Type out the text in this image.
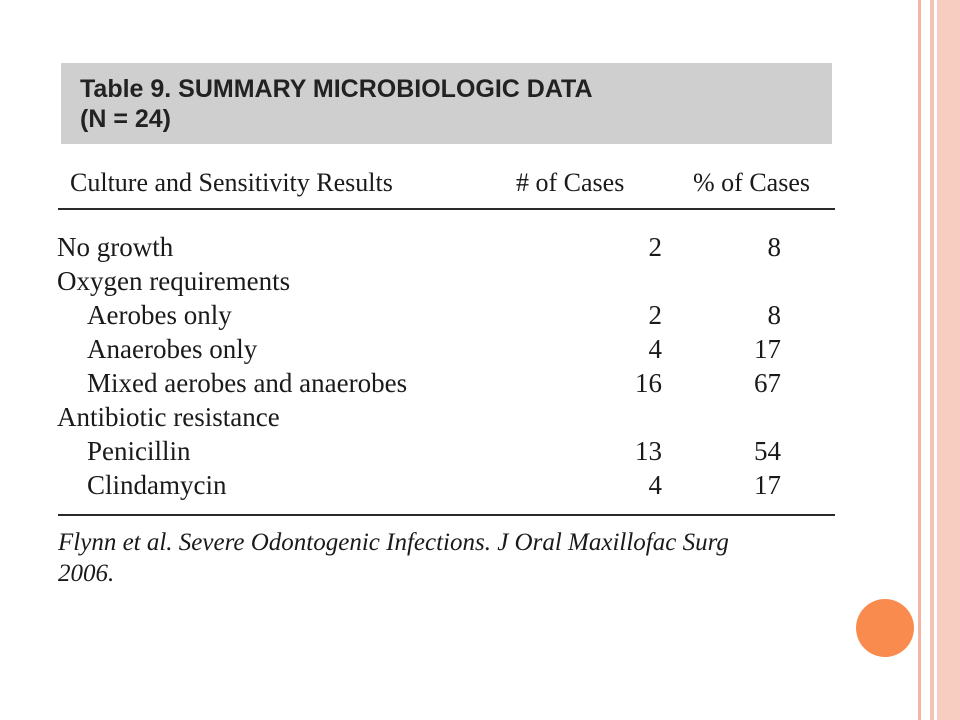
Table 9. SUMMARY MICROBIOLOGIC DATA
(N = 24)
Culture and Sensitivity Results	# of Cases	% of Cases
No growth	2	8
Oxygen requirements
Aerobes only	2	8
Anaerobes only	4	17
Mixed aerobes and anaerobes	16	67
Antibiotic resistance
Penicillin	13	54
Clindamycin	4	17
Flynn et al. Severe Odontogenic Infections. J Oral Maxillofac Surg
2006.
